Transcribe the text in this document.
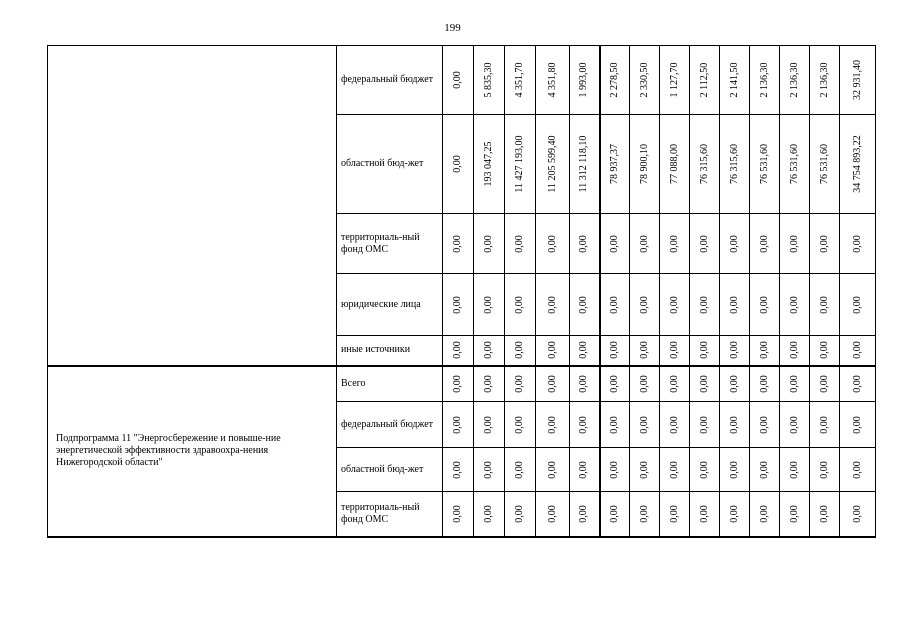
199
	федеральный бюджет	0,00	5 835,30	4 351,70	4 351,80	1 993,00	2 278,50	2 330,50	1 127,70	2 112,50	2 141,50	2 136,30	2 136,30	2 136,30	32 931,40

	областной бюд-жет	0,00	193 047,25	11 427 193,00	11 205 599,40	11 312 118,10	78 937,37	78 900,10	77 088,00	76 315,60	76 315,60	76 531,60	76 531,60	76 531,60	34 754 893,22

	территориаль-ный фонд ОМС	0,00	0,00	0,00	0,00	0,00	0,00	0,00	0,00	0,00	0,00	0,00	0,00	0,00	0,00

	юридические лица	0,00	0,00	0,00	0,00	0,00	0,00	0,00	0,00	0,00	0,00	0,00	0,00	0,00	0,00

	иные источники	0,00	0,00	0,00	0,00	0,00	0,00	0,00	0,00	0,00	0,00	0,00	0,00	0,00	0,00

Подпрограмма 11 "Энергосбережение и повыше-ние энергетической эффективности здравоохра-нения Нижегородской области"	Всего	0,00	0,00	0,00	0,00	0,00	0,00	0,00	0,00	0,00	0,00	0,00	0,00	0,00	0,00

	федеральный бюджет	0,00	0,00	0,00	0,00	0,00	0,00	0,00	0,00	0,00	0,00	0,00	0,00	0,00	0,00

	областной бюд-жет	0,00	0,00	0,00	0,00	0,00	0,00	0,00	0,00	0,00	0,00	0,00	0,00	0,00	0,00

	территориаль-ный фонд ОМС	0,00	0,00	0,00	0,00	0,00	0,00	0,00	0,00	0,00	0,00	0,00	0,00	0,00	0,00
